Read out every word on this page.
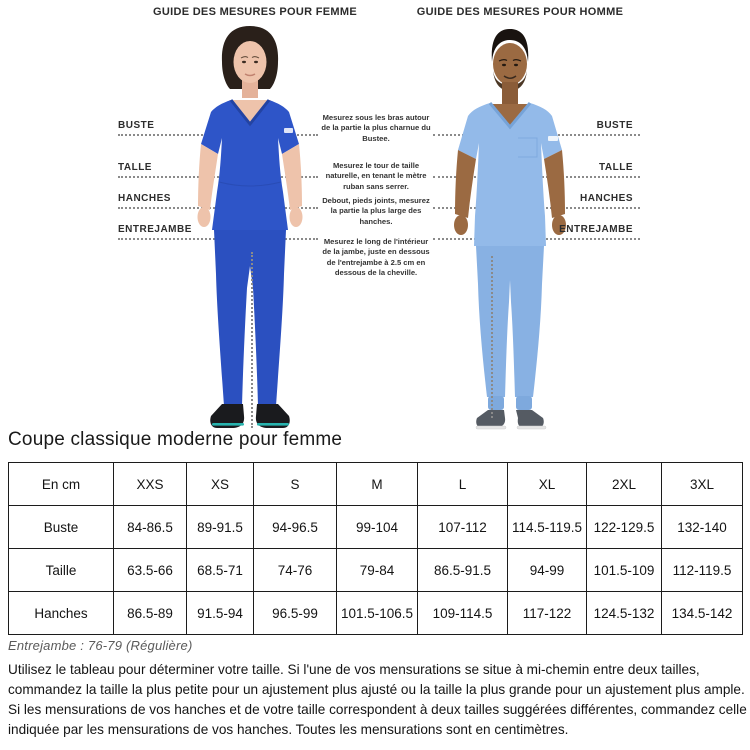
GUIDE DES MESURES POUR FEMME	GUIDE DES MESURES POUR HOMME
BUSTE
TALLE
HANCHES
ENTREJAMBE
BUSTE
TALLE
HANCHES
ENTREJAMBE
Mesurez sous les bras autour de la partie la plus charnue du Bustee.
Mesurez le tour de taille naturelle, en tenant le mètre ruban sans serrer.
Debout, pieds joints, mesurez la partie la plus large des hanches.
Mesurez le long de l'intérieur de la jambe, juste en dessous de l'entrejambe à 2.5 cm en dessous de la cheville.
Coupe classique moderne pour femme
En cm	XXS	XS	S	M	L	XL	2XL	3XL
Buste	84-86.5	89-91.5	94-96.5	99-104	107-112	114.5-119.5	122-129.5	132-140
Taille	63.5-66	68.5-71	74-76	79-84	86.5-91.5	94-99	101.5-109	112-119.5
Hanches	86.5-89	91.5-94	96.5-99	101.5-106.5	109-114.5	117-122	124.5-132	134.5-142
Entrejambe : 76-79 (Régulière)
Utilisez le tableau pour déterminer votre taille. Si l'une de vos mensurations se situe à mi-chemin entre deux tailles, commandez la taille la plus petite pour un ajustement plus ajusté ou la taille la plus grande pour un ajustement plus ample. Si les mensurations de vos hanches et de votre taille correspondent à deux tailles suggérées différentes, commandez celle indiquée par les mensurations de vos hanches. Toutes les mensurations sont en centimètres.
